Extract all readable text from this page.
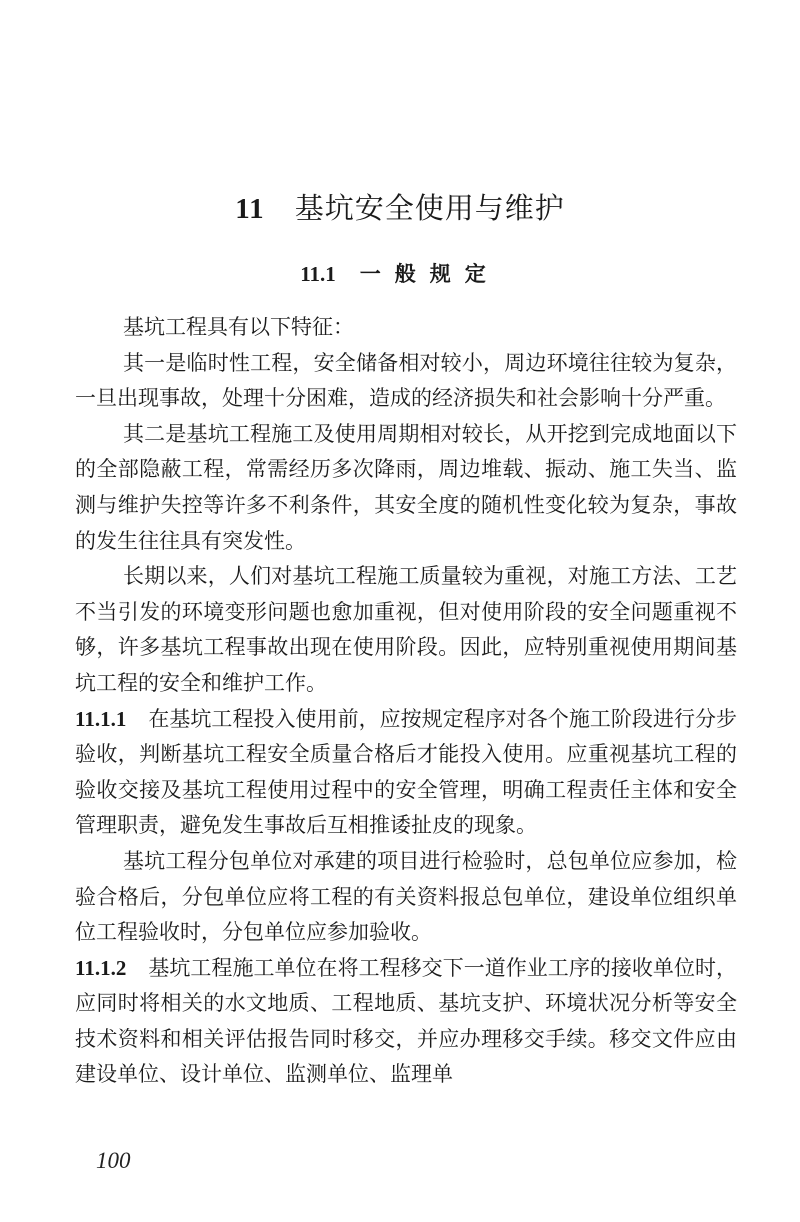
11 基坑安全使用与维护
11.1 一般规定

基坑工程具有以下特征：

其一是临时性工程，安全储备相对较小，周边环境往往较为复杂，一旦出现事故，处理十分困难，造成的经济损失和社会影响十分严重。

其二是基坑工程施工及使用周期相对较长，从开挖到完成地面以下的全部隐蔽工程，常需经历多次降雨，周边堆载、振动、施工失当、监测与维护失控等许多不利条件，其安全度的随机性变化较为复杂，事故的发生往往具有突发性。

长期以来，人们对基坑工程施工质量较为重视，对施工方法、工艺不当引发的环境变形问题也愈加重视，但对使用阶段的安全问题重视不够，许多基坑工程事故出现在使用阶段。因此，应特别重视使用期间基坑工程的安全和维护工作。

11.1.1 在基坑工程投入使用前，应按规定程序对各个施工阶段进行分步验收，判断基坑工程安全质量合格后才能投入使用。应重视基坑工程的验收交接及基坑工程使用过程中的安全管理，明确工程责任主体和安全管理职责，避免发生事故后互相推诿扯皮的现象。

基坑工程分包单位对承建的项目进行检验时，总包单位应参加，检验合格后，分包单位应将工程的有关资料报总包单位，建设单位组织单位工程验收时，分包单位应参加验收。

11.1.2 基坑工程施工单位在将工程移交下一道作业工序的接收单位时，应同时将相关的水文地质、工程地质、基坑支护、环境状况分析等安全技术资料和相关评估报告同时移交，并应办理移交手续。移交文件应由建设单位、设计单位、监测单位、监理单

100
